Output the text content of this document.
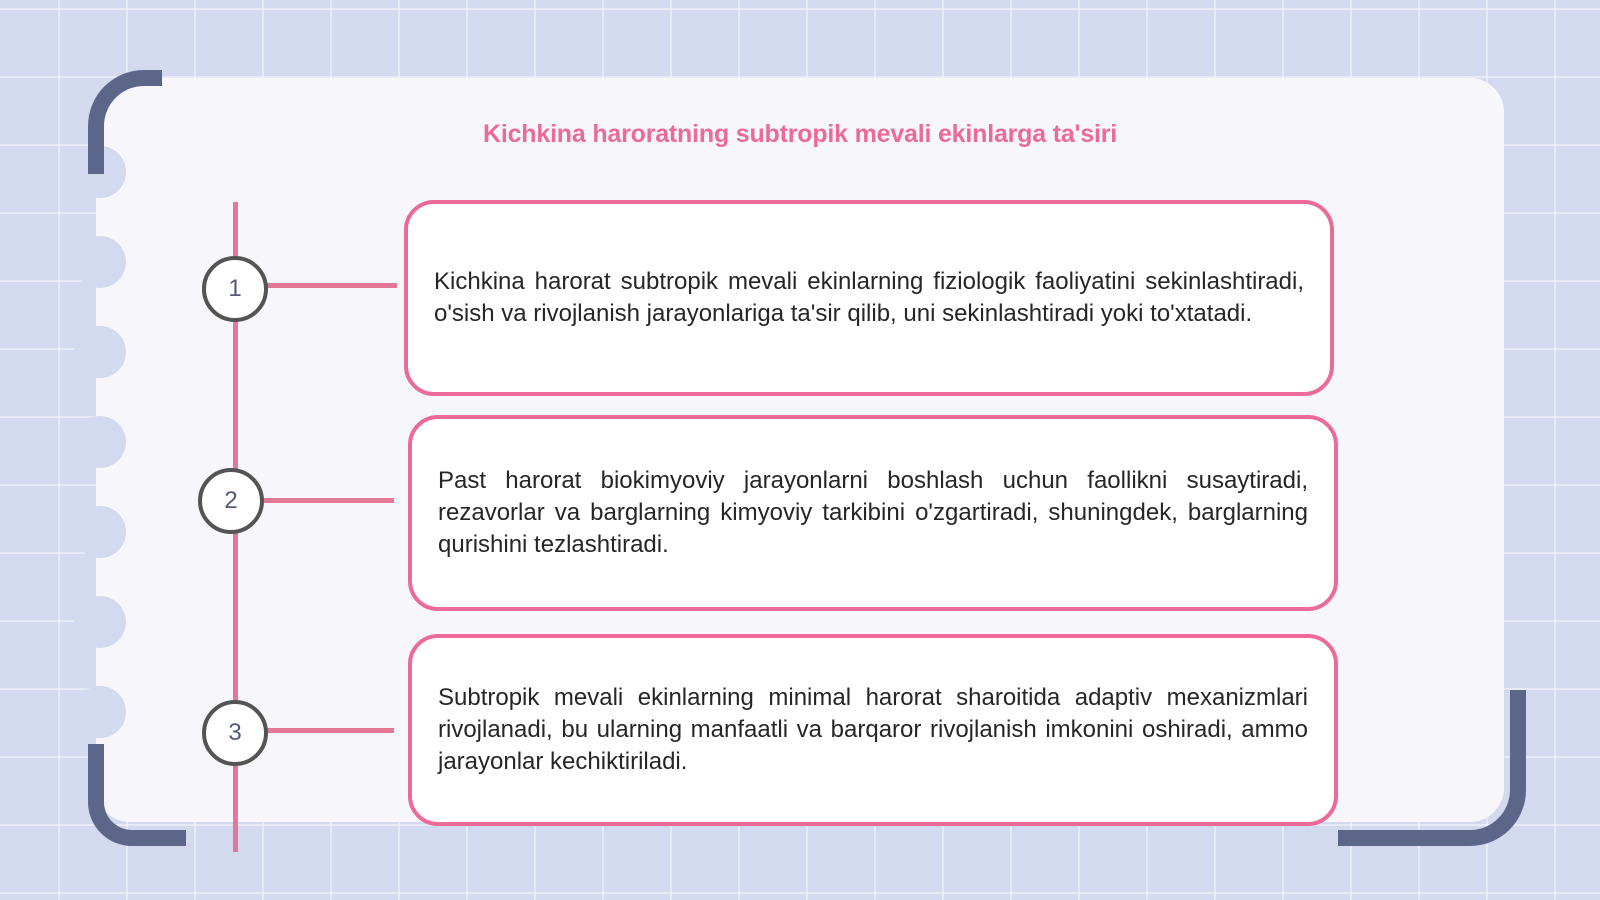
Kichkina haroratning subtropik mevali ekinlarga ta'siri
1
2
3

Kichkina harorat subtropik mevali ekinlarning fiziologik faoliyatini sekinlashtiradi, o'sish va rivojlanish jarayonlariga ta'sir qilib, uni sekinlashtiradi yoki to'xtatadi.

Past harorat biokimyoviy jarayonlarni boshlash uchun faollikni susaytiradi, rezavorlar va barglarning kimyoviy tarkibini o'zgartiradi, shuningdek, barglarning qurishini tezlashtiradi.

Subtropik mevali ekinlarning minimal harorat sharoitida adaptiv mexanizmlari rivojlanadi, bu ularning manfaatli va barqaror rivojlanish imkonini oshiradi, ammo jarayonlar kechiktiriladi.
